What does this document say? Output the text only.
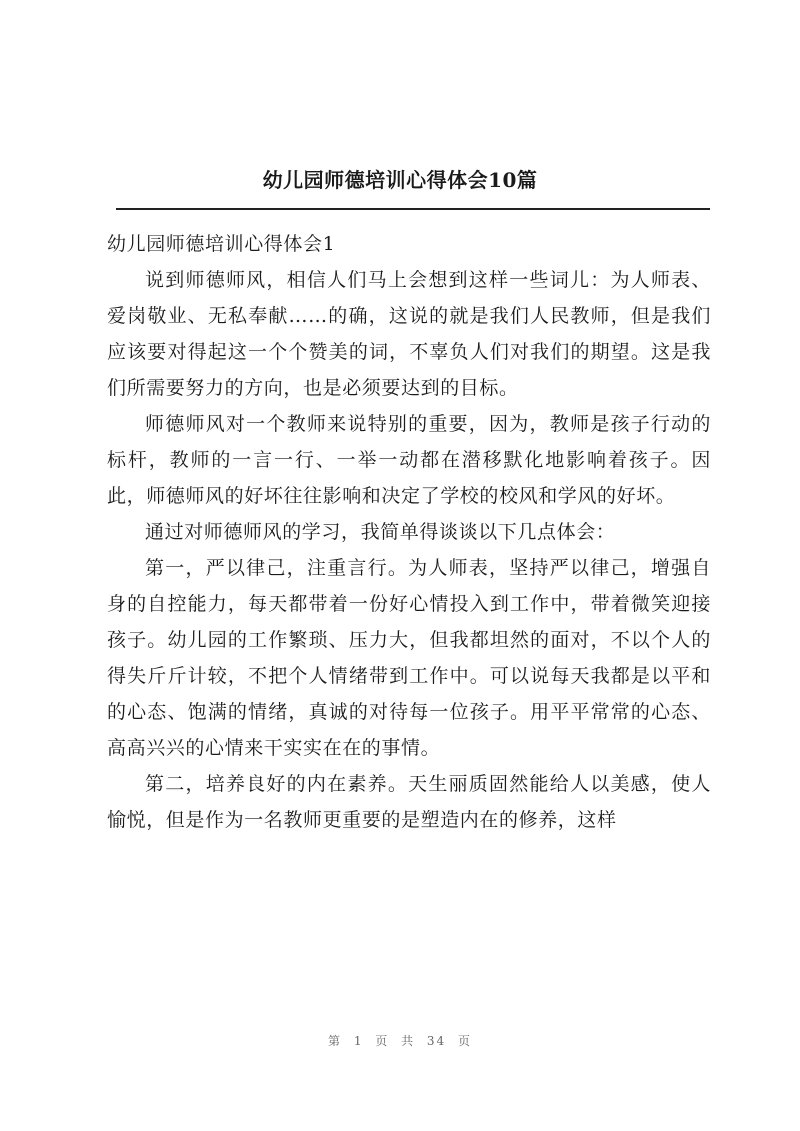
幼儿园师德培训心得体会10篇

幼儿园师德培训心得体会1

说到师德师风，相信人们马上会想到这样一些词儿：为人师表、爱岗敬业、无私奉献……的确，这说的就是我们人民教师，但是我们应该要对得起这一个个赞美的词，不辜负人们对我们的期望。这是我们所需要努力的方向，也是必须要达到的目标。

师德师风对一个教师来说特别的重要，因为，教师是孩子行动的标杆，教师的一言一行、一举一动都在潜移默化地影响着孩子。因此，师德师风的好坏往往影响和决定了学校的校风和学风的好坏。

通过对师德师风的学习，我简单得谈谈以下几点体会：

第一，严以律己，注重言行。为人师表，坚持严以律己，增强自身的自控能力，每天都带着一份好心情投入到工作中，带着微笑迎接孩子。幼儿园的工作繁琐、压力大，但我都坦然的面对，不以个人的得失斤斤计较，不把个人情绪带到工作中。可以说每天我都是以平和的心态、饱满的情绪，真诚的对待每一位孩子。用平平常常的心态、高高兴兴的心情来干实实在在的事情。

第二，培养良好的内在素养。天生丽质固然能给人以美感，使人愉悦，但是作为一名教师更重要的是塑造内在的修养，这样

第 1 页 共 34 页
